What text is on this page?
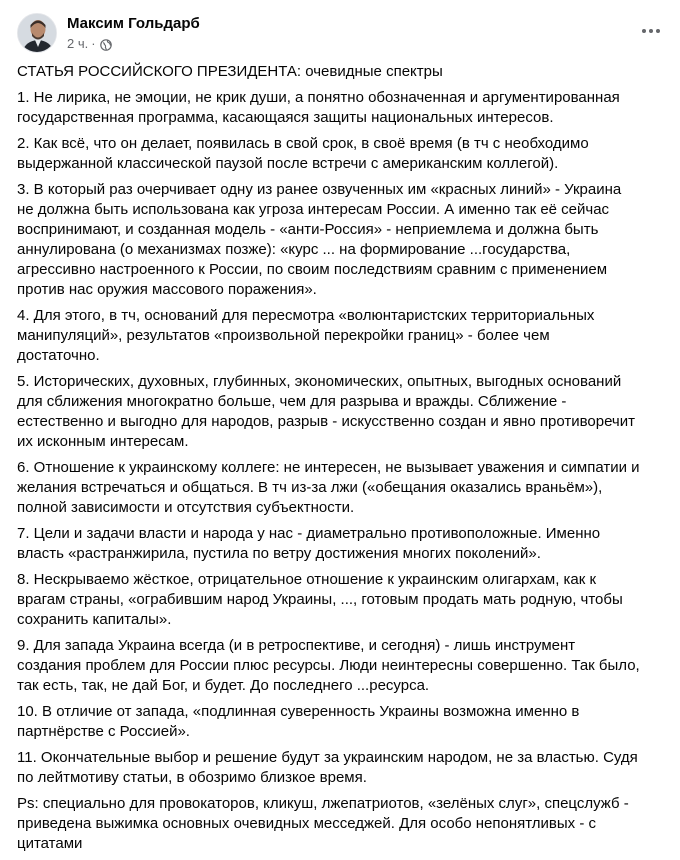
Максим Гольдарб
2 ч. ·

СТАТЬЯ РОССИЙСКОГО ПРЕЗИДЕНТА: очевидные спектры

1. Не лирика, не эмоции, не крик души, а понятно обозначенная и аргументированная
государственная программа, касающаяся защиты национальных интересов.

2. Как всё, что он делает, появилась в свой срок, в своё время (в тч с необходимо
выдержанной классической паузой после встречи с американским коллегой).

3. В который раз очерчивает одну из ранее озвученных им «красных линий» - Украина
не должна быть использована как угроза интересам России. А именно так её сейчас
воспринимают, и созданная модель - «анти-Россия» - неприемлема и должна быть
аннулирована (о механизмах позже): «курс ... на формирование ...государства,
агрессивно настроенного к России, по своим последствиям сравним с применением
против нас оружия массового поражения».

4. Для этого, в тч, оснований для пересмотра «волюнтаристских территориальных
манипуляций», результатов «произвольной перекройки границ» - более чем
достаточно.

5. Исторических, духовных, глубинных, экономических, опытных, выгодных оснований
для сближения многократно больше, чем для разрыва и вражды. Сближение -
естественно и выгодно для народов, разрыв - искусственно создан и явно противоречит
их исконным интересам.

6. Отношение к украинскому коллеге: не интересен, не вызывает уважения и симпатии и
желания встречаться и общаться. В тч из-за лжи («обещания оказались враньём»),
полной зависимости и отсутствия субъектности.

7. Цели и задачи власти и народа у нас - диаметрально противоположные. Именно
власть «растранжирила, пустила по ветру достижения многих поколений».

8. Нескрываемо жёсткое, отрицательное отношение к украинским олигархам, как к
врагам страны, «ограбившим народ Украины, ..., готовым продать мать родную, чтобы
сохранить капиталы».

9. Для запада Украина всегда (и в ретроспективе, и сегодня) - лишь инструмент
создания проблем для России плюс ресурсы. Люди неинтересны совершенно. Так было,
так есть, так, не дай Бог, и будет. До последнего ...ресурса.

10. В отличие от запада, «подлинная суверенность Украины возможна именно в
партнёрстве с Россией».

11. Окончательные выбор и решение будут за украинским народом, не за властью. Судя
по лейтмотиву статьи, в обозримо близкое время.

Ps: специально для провокаторов, кликуш, лжепатриотов, «зелёных слуг», спецслужб -
приведена выжимка основных очевидных месседжей. Для особо непонятливых - с
цитатами
